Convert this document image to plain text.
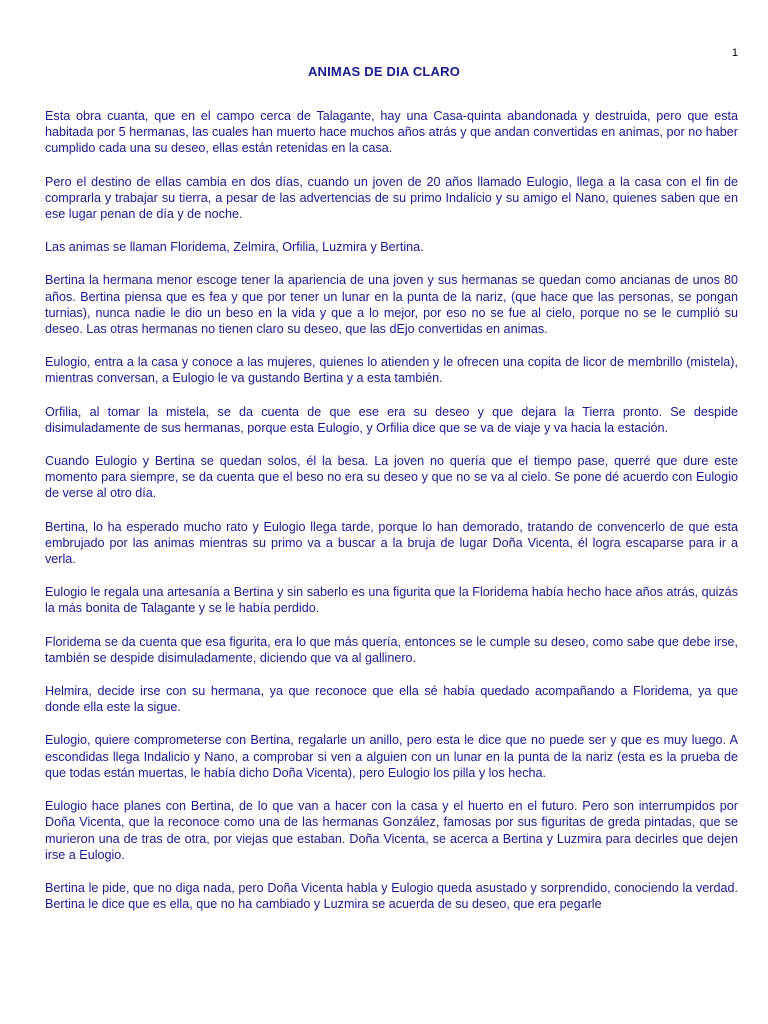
1
ANIMAS DE DIA CLARO

Esta obra cuanta, que en el campo cerca de Talagante, hay una Casa-quinta abandonada y destruida, pero que esta habitada por 5 hermanas, las cuales han muerto hace muchos años atrás y que andan convertidas en animas, por no haber cumplido cada una su deseo, ellas están retenidas en la casa.

Pero el destino de ellas cambia en dos días, cuando un joven de 20 años llamado Eulogio, llega a la casa con el fin de comprarla y trabajar su tierra, a pesar de las advertencias de su primo Indalicio y su amigo el Nano, quienes saben que en ese lugar penan de día y de noche.

Las animas se llaman Floridema, Zelmira, Orfilia, Luzmira y Bertina.

Bertina la hermana menor escoge tener la apariencia de una joven y sus hermanas se quedan como ancianas de unos 80 años. Bertina piensa que es fea y que por tener un lunar en la punta de la nariz, (que hace que las personas, se pongan turnias), nunca nadie le dio un beso en la vida y que a lo mejor, por eso no se fue al cielo, porque no se le cumplió su deseo. Las otras hermanas no tienen claro su deseo, que las dEjo convertidas en animas.

Eulogio, entra a la casa y conoce a las mujeres, quienes lo atienden y le ofrecen una copita de licor de membrillo (mistela), mientras conversan, a Eulogio le va gustando Bertina y a esta también.

Orfilia, al tomar la mistela, se da cuenta de que ese era su deseo y que dejara la Tierra pronto. Se despide disimuladamente de sus hermanas, porque esta Eulogio, y Orfilia dice que se va de viaje y va hacia la estación.

Cuando Eulogio y Bertina se quedan solos, él la besa. La joven no quería que el tiempo pase, querré que dure este momento para siempre, se da cuenta que el beso no era su deseo y que no se va al cielo. Se pone dé acuerdo con Eulogio de verse al otro día.

Bertina, lo ha esperado mucho rato y Eulogio llega tarde, porque lo han demorado, tratando de convencerlo de que esta embrujado por las animas mientras su primo va a buscar a la bruja de lugar Doña Vicenta, él logra escaparse para ir a verla.

Eulogio le regala una artesanía a Bertina y sin saberlo es una figurita que la Floridema había hecho hace años atrás, quizás la más bonita de Talagante y se le había perdido.

Floridema se da cuenta que esa figurita, era lo que más quería, entonces se le cumple su deseo, como sabe que debe irse, también se despide disimuladamente, diciendo que va al gallinero.

Helmira, decide irse con su hermana, ya que reconoce que ella sé había quedado acompañando a Floridema, ya que donde ella este la sigue.

Eulogio, quiere comprometerse con Bertina, regalarle un anillo, pero esta le dice que no puede ser y que es muy luego. A escondidas llega Indalicio y Nano, a comprobar si ven a alguien con un lunar en la punta de la nariz (esta es la prueba de que todas están muertas, le había dicho Doña Vicenta), pero Eulogio los pilla y los hecha.

Eulogio hace planes con Bertina, de lo que van a hacer con la casa y el huerto en el futuro. Pero son interrumpidos por Doña Vicenta, que la reconoce como una de las hermanas González, famosas por sus figuritas de greda pintadas, que se murieron una de tras de otra, por viejas que estaban. Doña Vicenta, se acerca a Bertina y Luzmira para decirles que dejen irse a Eulogio.

Bertina le pide, que no diga nada, pero Doña Vicenta habla y Eulogio queda asustado y sorprendido, conociendo la verdad. Bertina le dice que es ella, que no ha cambiado y Luzmira se acuerda de su deseo, que era pegarle
